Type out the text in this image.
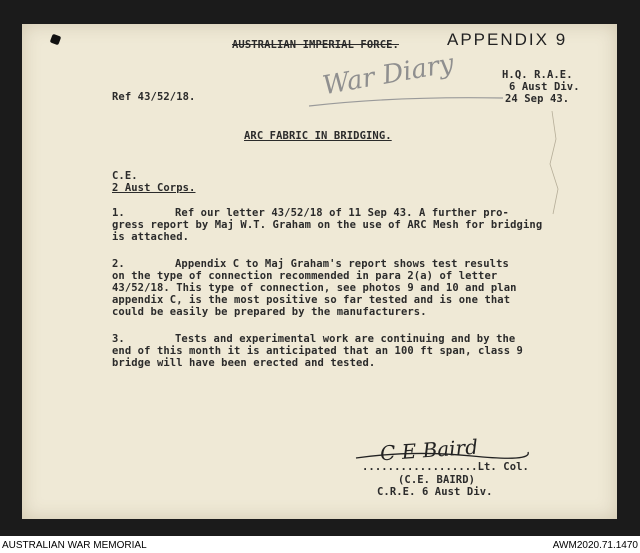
APPENDIX 9
AUSTRALIAN IMPERIAL FORCE.
War Diary	H.Q. R.A.E.
6 Aust Div.
24 Sep 43.
Ref 43/52/18.
ARC FABRIC IN BRIDGING.
C.E.
2 Aust Corps.
1.	Ref our letter 43/52/18 of 11 Sep 43. A further pro-
gress report by Maj W.T. Graham on the use of ARC Mesh for bridging
is attached.
2.	Appendix C to Maj Graham's report shows test results
on the type of connection recommended in para 2(a) of letter
43/52/18. This type of connection, see photos 9 and 10 and plan
appendix C, is the most positive so far tested and is one that
could be easily be prepared by the manufacturers.
3.	Tests and experimental work are continuing and by the
end of this month it is anticipated that an 100 ft span, class 9
bridge will have been erected and tested.
C E Baird
..................Lt. Col.
(C.E. BAIRD)
C.R.E. 6 Aust Div.
AUSTRALIAN WAR MEMORIAL	AWM2020.71.1470
